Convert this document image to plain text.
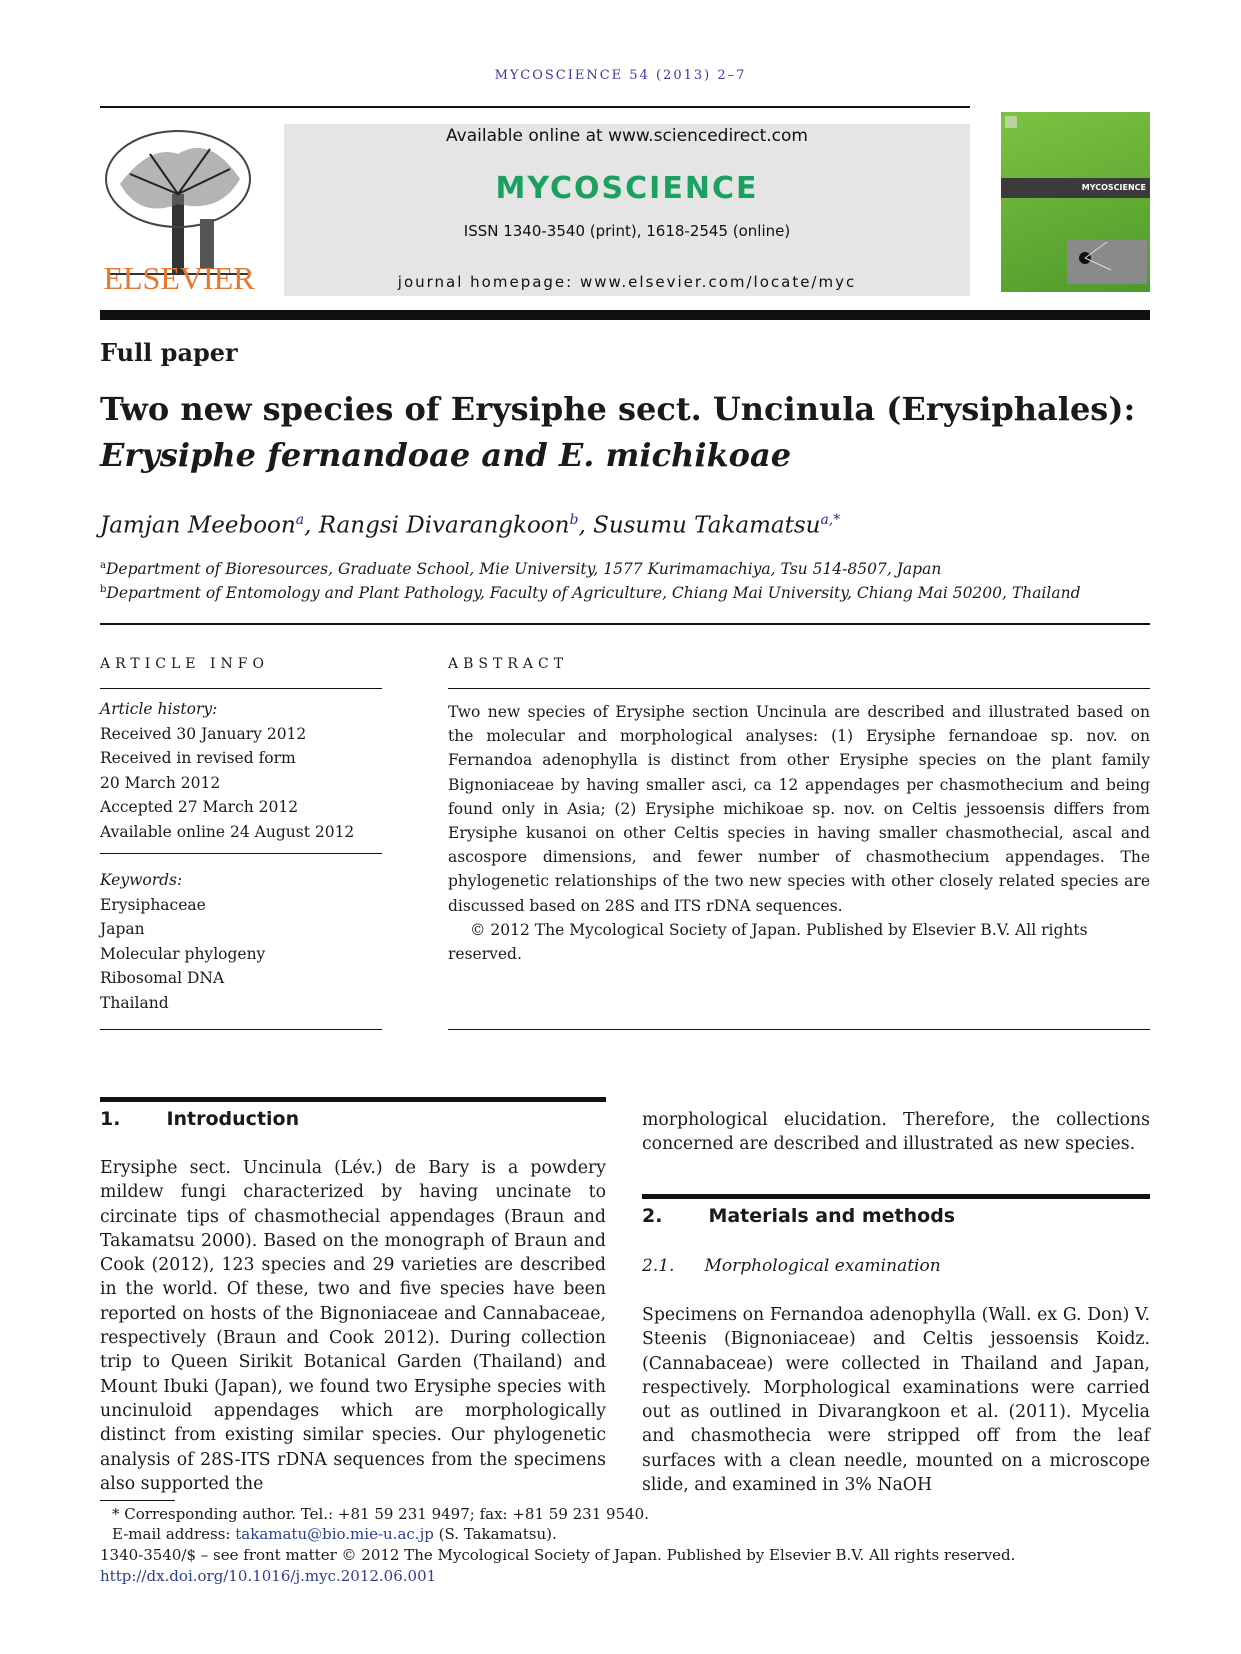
MYCOSCIENCE 54 (2013) 2–7
ELSEVIER
Available online at www.sciencedirect.com
MYCOSCIENCE
ISSN 1340-3540 (print), 1618-2545 (online)
journal homepage: www.elsevier.com/locate/myc
MYCOSCIENCE
Full paper
Two new species of Erysiphe sect. Uncinula (Erysiphales):
Erysiphe fernandoae and E. michikoae
Jamjan Meeboon$^a$, Rangsi Divarangkoon$^b$, Susumu Takamatsu$^{a,*}$
$^a$Department of Bioresources, Graduate School, Mie University, 1577 Kurimamachiya, Tsu 514-8507, Japan
$^b$Department of Entomology and Plant Pathology, Faculty of Agriculture, Chiang Mai University, Chiang Mai 50200, Thailand
ARTICLE INFO
Article history:
Received 30 January 2012
Received in revised form
20 March 2012
Accepted 27 March 2012
Available online 24 August 2012
Keywords:
Erysiphaceae
Japan
Molecular phylogeny
Ribosomal DNA
Thailand
ABSTRACT
Two new species of Erysiphe section Uncinula are described and illustrated based on the molecular and morphological analyses: (1) Erysiphe fernandoae sp. nov. on Fernandoa adenophylla is distinct from other Erysiphe species on the plant family Bignoniaceae by having smaller asci, ca 12 appendages per chasmothecium and being found only in Asia; (2) Erysiphe michikoae sp. nov. on Celtis jessoensis differs from Erysiphe kusanoi on other Celtis species in having smaller chasmothecial, ascal and ascospore dimensions, and fewer number of chasmothecium appendages. The phylogenetic relationships of the two new species with other closely related species are discussed based on 28S and ITS rDNA sequences.
© 2012 The Mycological Society of Japan. Published by Elsevier B.V. All rights reserved.
1. Introduction
Erysiphe sect. Uncinula (Lév.) de Bary is a powdery mildew fungi characterized by having uncinate to circinate tips of chasmothecial appendages (Braun and Takamatsu 2000). Based on the monograph of Braun and Cook (2012), 123 species and 29 varieties are described in the world. Of these, two and five species have been reported on hosts of the Bignoniaceae and Cannabaceae, respectively (Braun and Cook 2012). During collection trip to Queen Sirikit Botanical Garden (Thailand) and Mount Ibuki (Japan), we found two Erysiphe species with uncinuloid appendages which are morphologically distinct from existing similar species. Our phylogenetic analysis of 28S-ITS rDNA sequences from the specimens also supported the
morphological elucidation. Therefore, the collections concerned are described and illustrated as new species.
2. Materials and methods
2.1. Morphological examination
Specimens on Fernandoa adenophylla (Wall. ex G. Don) V. Steenis (Bignoniaceae) and Celtis jessoensis Koidz. (Cannabaceae) were collected in Thailand and Japan, respectively. Morphological examinations were carried out as outlined in Divarangkoon et al. (2011). Mycelia and chasmothecia were stripped off from the leaf surfaces with a clean needle, mounted on a microscope slide, and examined in 3% NaOH
* Corresponding author. Tel.: +81 59 231 9497; fax: +81 59 231 9540.
E-mail address: takamatu@bio.mie-u.ac.jp (S. Takamatsu).
1340-3540/$ – see front matter © 2012 The Mycological Society of Japan. Published by Elsevier B.V. All rights reserved.
http://dx.doi.org/10.1016/j.myc.2012.06.001
